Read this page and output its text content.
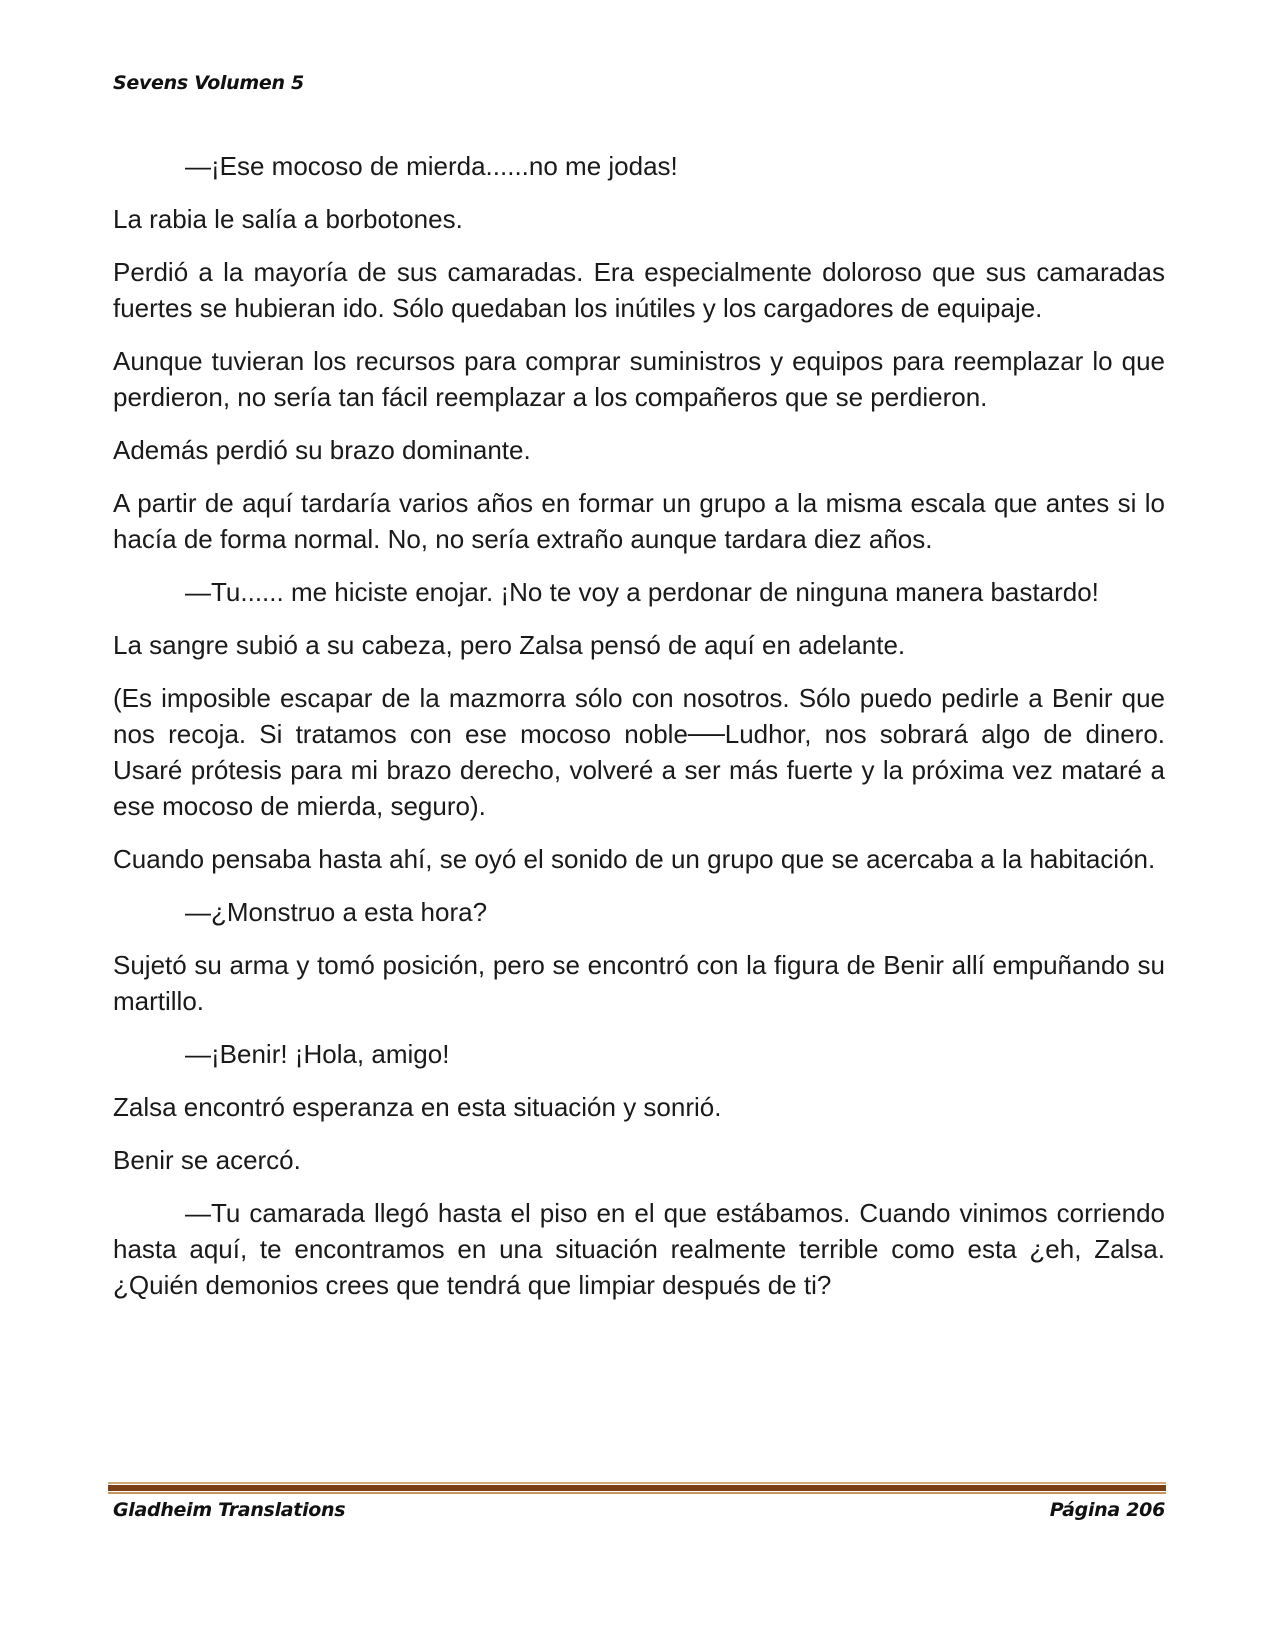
Sevens Volumen 5

—¡Ese mocoso de mierda......no me jodas!

La rabia le salía a borbotones.

Perdió a la mayoría de sus camaradas. Era especialmente doloroso que sus camaradas fuertes se hubieran ido. Sólo quedaban los inútiles y los cargadores de equipaje.

Aunque tuvieran los recursos para comprar suministros y equipos para reemplazar lo que perdieron, no sería tan fácil reemplazar a los compañeros que se perdieron.

Además perdió su brazo dominante.

A partir de aquí tardaría varios años en formar un grupo a la misma escala que antes si lo hacía de forma normal. No, no sería extraño aunque tardara diez años.

—Tu...... me hiciste enojar. ¡No te voy a perdonar de ninguna manera bastardo!

La sangre subió a su cabeza, pero Zalsa pensó de aquí en adelante.

(Es imposible escapar de la mazmorra sólo con nosotros. Sólo puedo pedirle a Benir que nos recoja. Si tratamos con ese mocoso noble──Ludhor, nos sobrará algo de dinero. Usaré prótesis para mi brazo derecho, volveré a ser más fuerte y la próxima vez mataré a ese mocoso de mierda, seguro).

Cuando pensaba hasta ahí, se oyó el sonido de un grupo que se acercaba a la habitación.

—¿Monstruo a esta hora?

Sujetó su arma y tomó posición, pero se encontró con la figura de Benir allí empuñando su martillo.

—¡Benir! ¡Hola, amigo!

Zalsa encontró esperanza en esta situación y sonrió.

Benir se acercó.

—Tu camarada llegó hasta el piso en el que estábamos. Cuando vinimos corriendo hasta aquí, te encontramos en una situación realmente terrible como esta ¿eh, Zalsa. ¿Quién demonios crees que tendrá que limpiar después de ti?

Gladheim Translations	Página 206
